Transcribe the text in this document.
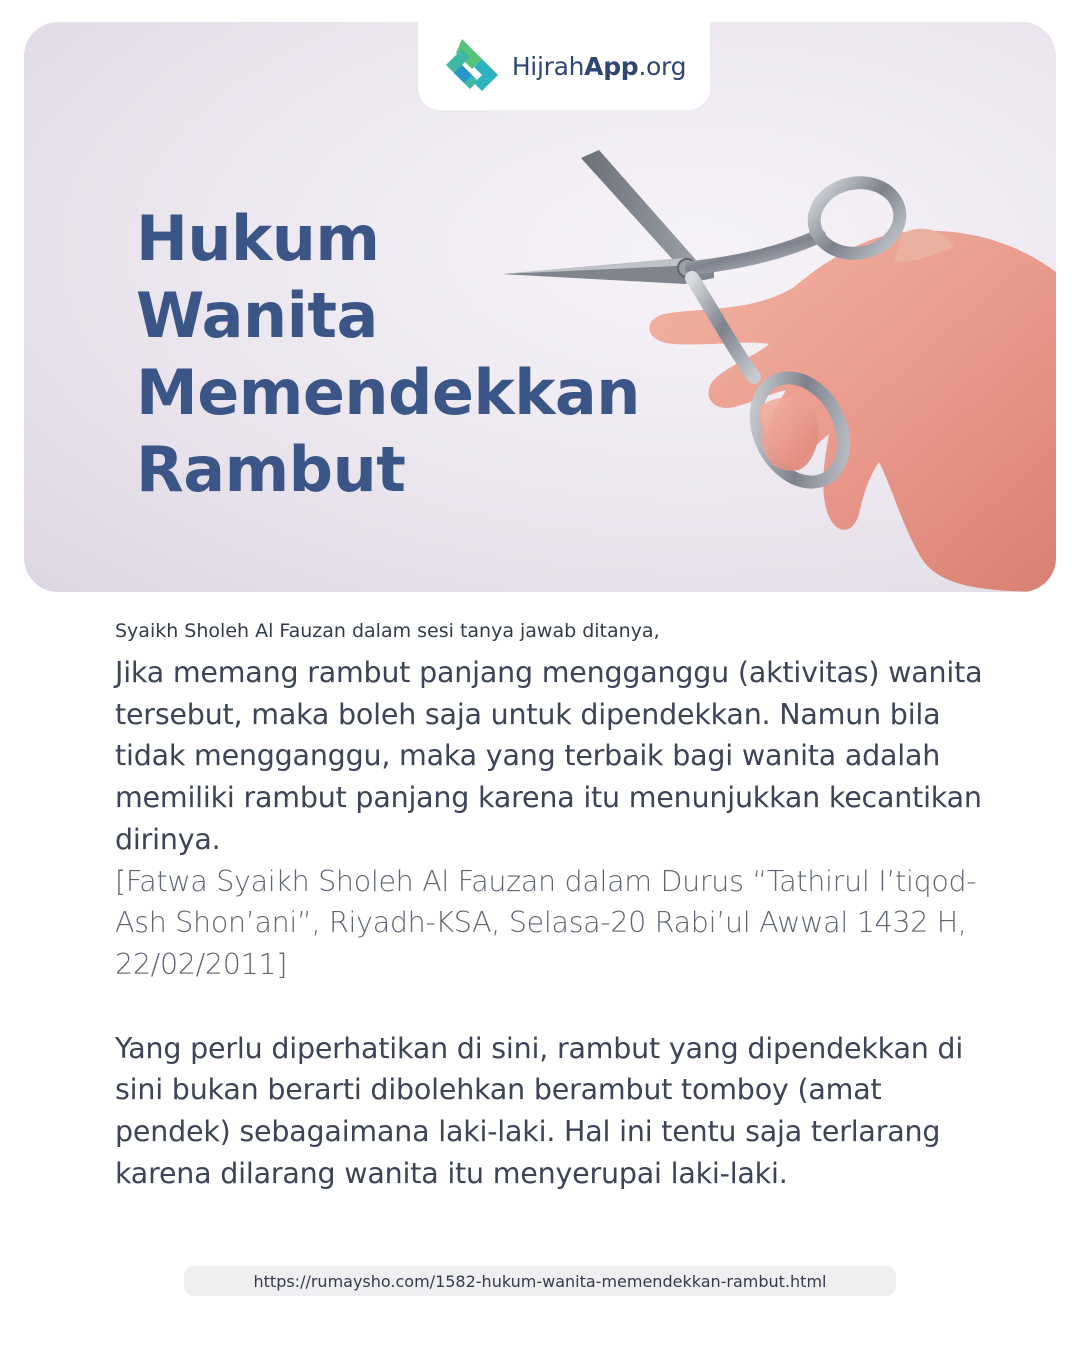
HijrahApp.org
Hukum
Wanita
Memendekkan
Rambut

Syaikh Sholeh Al Fauzan dalam sesi tanya jawab ditanya,

Jika memang rambut panjang mengganggu (aktivitas) wanita tersebut, maka boleh saja untuk dipendekkan. Namun bila tidak mengganggu, maka yang terbaik bagi wanita adalah memiliki rambut panjang karena itu menunjukkan kecantikan dirinya.

[Fatwa Syaikh Sholeh Al Fauzan dalam Durus “Tathirul I’tiqod-Ash Shon’ani”, Riyadh-KSA, Selasa-20 Rabi’ul Awwal 1432 H, 22/02/2011]

Yang perlu diperhatikan di sini, rambut yang dipendekkan di sini bukan berarti dibolehkan berambut tomboy (amat pendek) sebagaimana laki-laki. Hal ini tentu saja terlarang karena dilarang wanita itu menyerupai laki-laki.

https://rumaysho.com/1582-hukum-wanita-memendekkan-rambut.html
